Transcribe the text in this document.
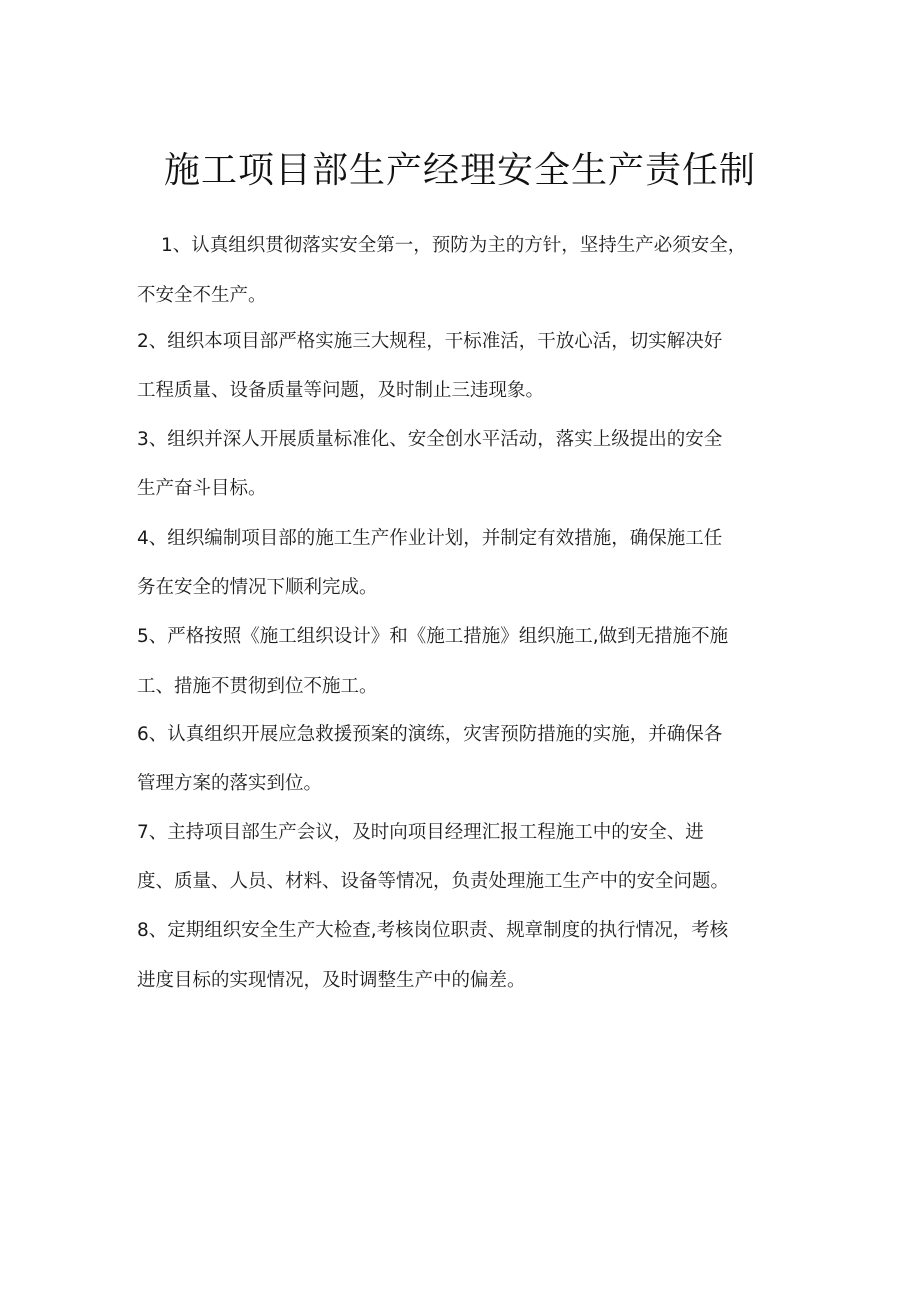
施工项目部生产经理安全生产责任制
1、认真组织贯彻落实安全第一，预防为主的方针，坚持生产必须安全，
不安全不生产。
2、组织本项目部严格实施三大规程，干标准活，干放心活，切实解决好
工程质量、设备质量等问题，及时制止三违现象。
3、组织并深人开展质量标准化、安全创水平活动，落实上级提出的安全
生产奋斗目标。
4、组织编制项目部的施工生产作业计划，并制定有效措施，确保施工任
务在安全的情况下顺利完成。
5、严格按照《施工组织设计》和《施工措施》组织施工,做到无措施不施
工、措施不贯彻到位不施工。
6、认真组织开展应急救援预案的演练，灾害预防措施的实施，并确保各
管理方案的落实到位。
7、主持项目部生产会议，及时向项目经理汇报工程施工中的安全、进
度、质量、人员、材料、设备等情况，负责处理施工生产中的安全问题。
8、定期组织安全生产大检查,考核岗位职责、规章制度的执行情况，考核
进度目标的实现情况，及时调整生产中的偏差。
